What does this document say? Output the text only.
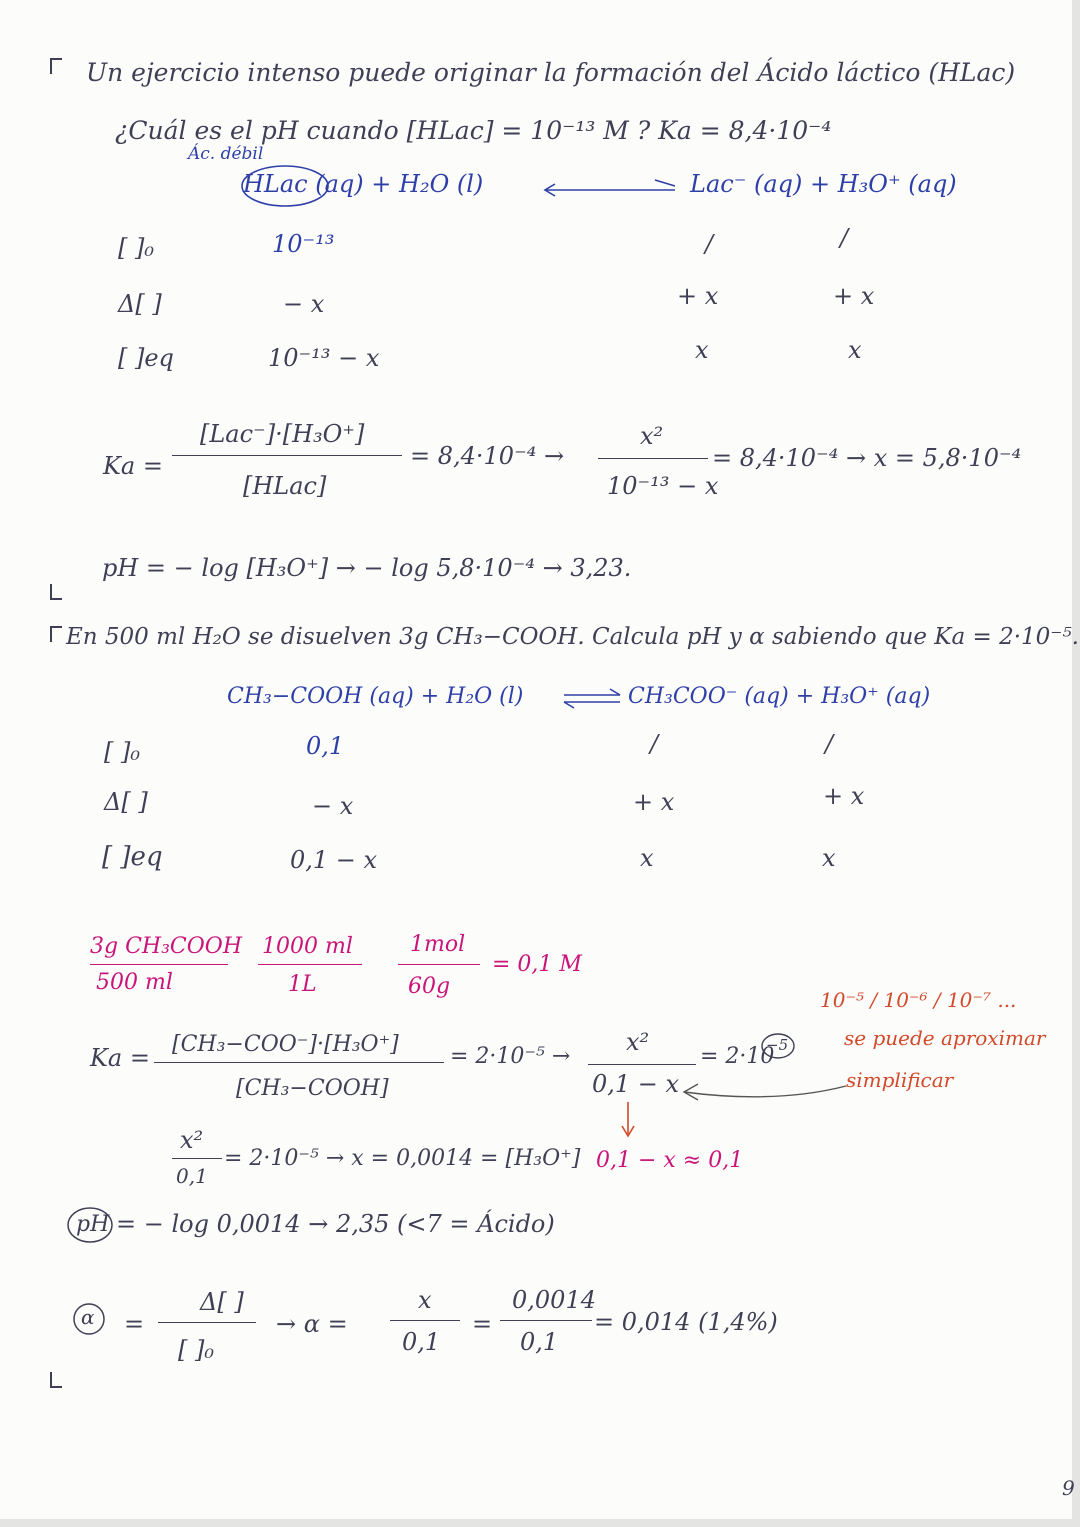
Un ejercicio intenso puede originar la formación del Ácido láctico (HLac)
¿Cuál es el pH cuando [HLac] = 10⁻¹³ M ? Ka = 8,4·10⁻⁴
Ác. débil
HLac (aq) + H₂O (l)	Lac⁻ (aq) + H₃O⁺ (aq)
[ ]₀
Δ[ ]
[ ]eq
10⁻¹³
− x
10⁻¹³ − x
/
+ x
x
/
+ x
x
Ka =
[Lac⁻]·[H₃O⁺]
[HLac]
= 8,4·10⁻⁴ →
x²
10⁻¹³ − x
= 8,4·10⁻⁴ → x = 5,8·10⁻⁴
pH = − log [H₃O⁺] → − log 5,8·10⁻⁴ → 3,23.
En 500 ml H₂O se disuelven 3g CH₃−COOH. Calcula pH y α sabiendo que Ka = 2·10⁻⁵.
CH₃−COOH (aq) + H₂O (l) ⇌ CH₃COO⁻ (aq) + H₃O⁺ (aq)
[ ]₀
Δ[ ]
[ ]eq
0,1
− x
0,1 − x
/
+ x
x
/
+ x
x
3g CH₃COOH
500 ml
1000 ml
1L
1mol
60g
= 0,1 M
10⁻⁵ / 10⁻⁶ / 10⁻⁷ ...
se puede aproximar
simplificar
Ka = [CH₃−COO⁻]·[H₃O⁺]
[CH₃−COOH]
= 2·10⁻⁵ →
x²
0,1 − x
= 2·10
−5
x²
0,1
= 2·10⁻⁵ → x = 0,0014 = [H₃O⁺] 0,1 − x ≈ 0,1
pH = − log 0,0014 → 2,35 (<7 = Ácido)
α =
Δ[ ]
[ ]₀
→ α =
x
0,1
=
0,0014
0,1
= 0,014 (1,4%)
9
